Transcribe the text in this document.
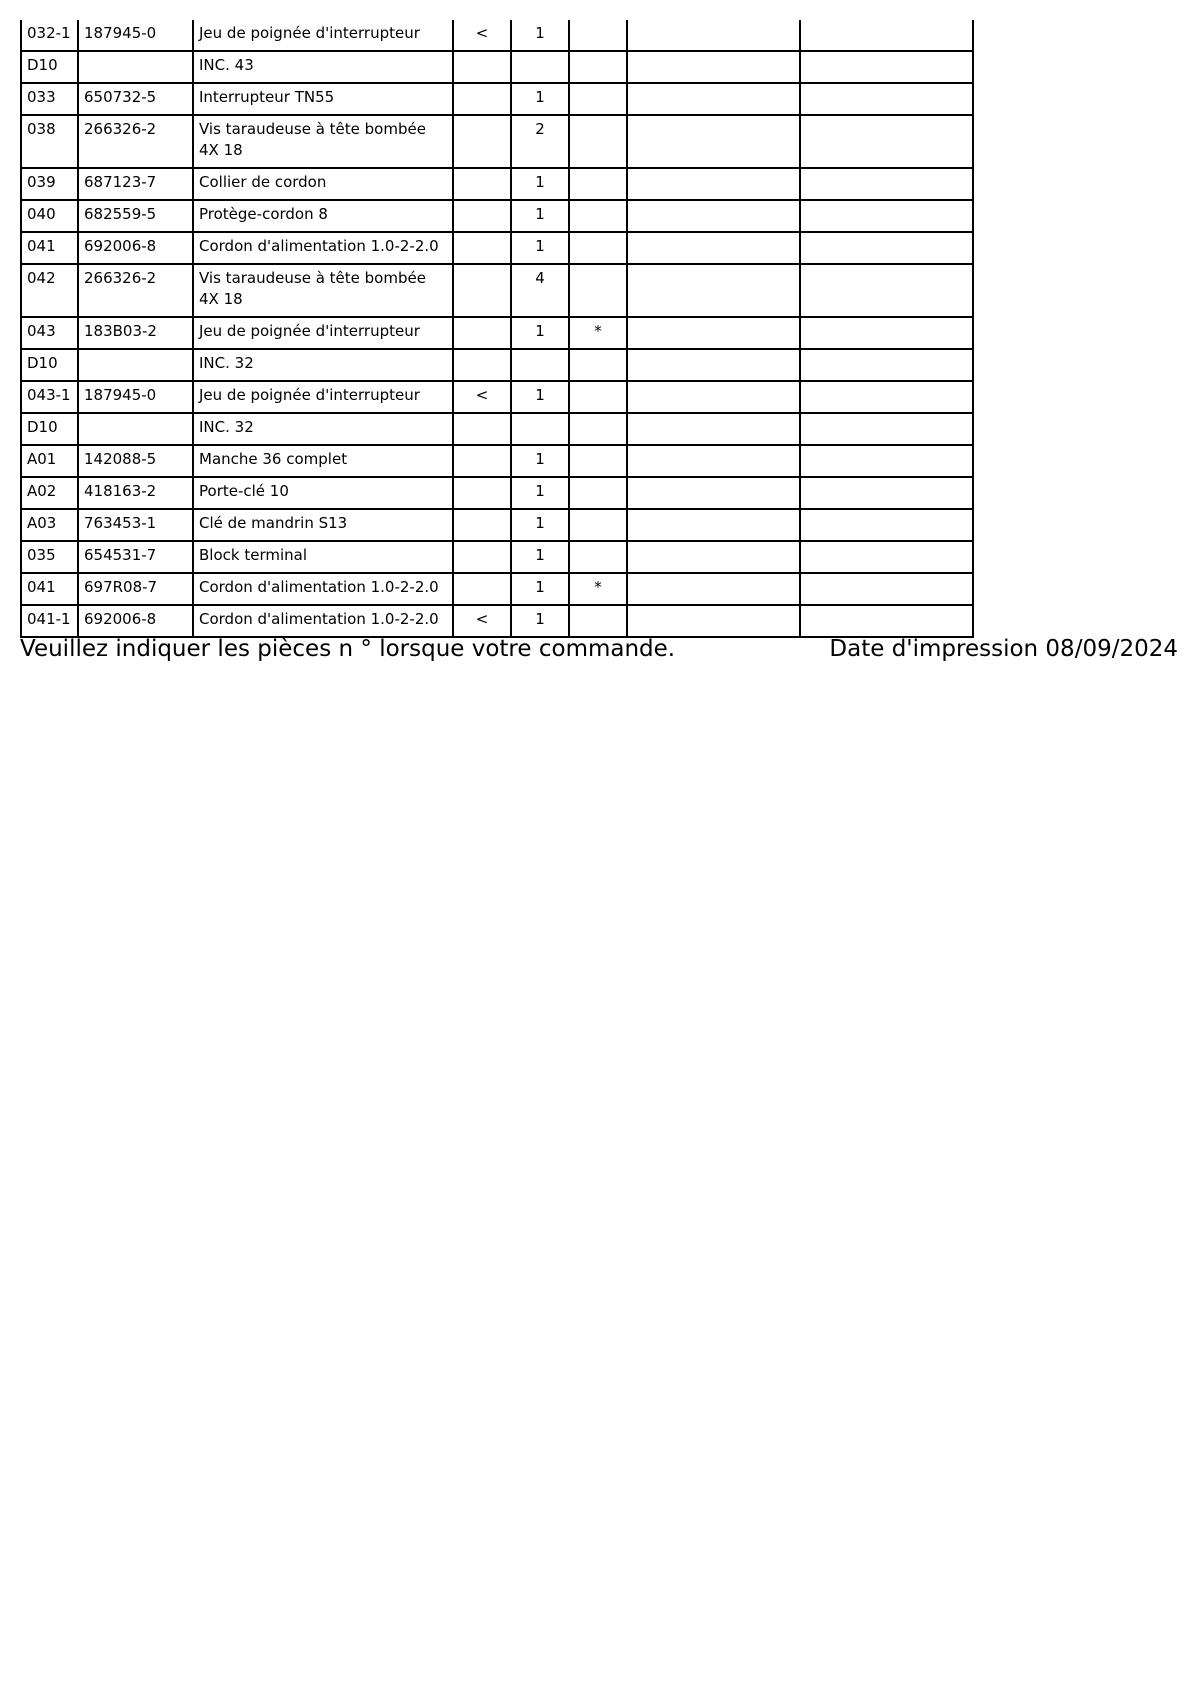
032-1	187945-0	Jeu de poignée d'interrupteur	<	1			
D10		INC. 43					
033	650732-5	Interrupteur TN55		1			
038	266326-2	Vis taraudeuse à tête bombée 4X 18		2			
039	687123-7	Collier de cordon		1			
040	682559-5	Protège-cordon 8		1			
041	692006-8	Cordon d'alimentation 1.0-2-2.0		1			
042	266326-2	Vis taraudeuse à tête bombée 4X 18		4			
043	183B03-2	Jeu de poignée d'interrupteur		1	*		
D10		INC. 32					
043-1	187945-0	Jeu de poignée d'interrupteur	<	1			
D10		INC. 32					
A01	142088-5	Manche 36 complet		1			
A02	418163-2	Porte-clé 10		1			
A03	763453-1	Clé de mandrin S13		1			
035	654531-7	Block terminal		1			
041	697R08-7	Cordon d'alimentation 1.0-2-2.0		1	*		
041-1	692006-8	Cordon d'alimentation 1.0-2-2.0	<	1			
Veuillez indiquer les pièces n ° lorsque votre commande.	Date d'impression 08/09/2024
